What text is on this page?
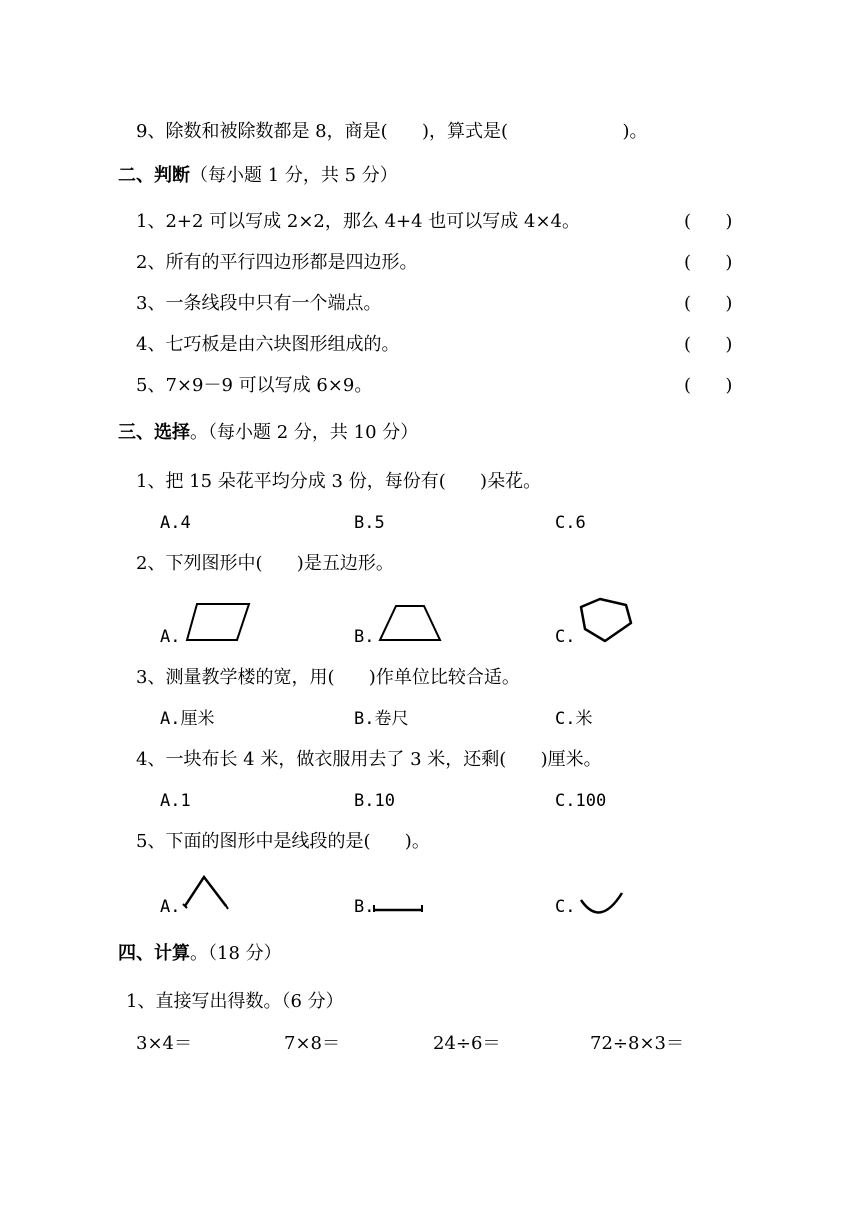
9、除数和被除数都是 8，商是(      )，算式是(                    )。
二、判断（每小题 1 分，共 5 分）
1、2+2 可以写成 2×2，那么 4+4 也可以写成 4×4。	(      )
2、所有的平行四边形都是四边形。	(      )
3、一条线段中只有一个端点。	(      )
4、七巧板是由六块图形组成的。	(      )
5、7×9－9 可以写成 6×9。	(      )
三、选择。（每小题 2 分，共 10 分）
1、把 15 朵花平均分成 3 份，每份有(      )朵花。
A.4	B.5	C.6
2、下列图形中(      )是五边形。
A.	B.	C.
3、测量教学楼的宽，用(      )作单位比较合适。
A.厘米	B.卷尺	C.米
4、一块布长 4 米，做衣服用去了 3 米，还剩(      )厘米。
A.1	B.10	C.100
5、下面的图形中是线段的是(      )。
A.	B.	C.
四、计算。（18 分）
1、直接写出得数。（6 分）
3×4＝	7×8＝	24÷6＝	72÷8×3＝
